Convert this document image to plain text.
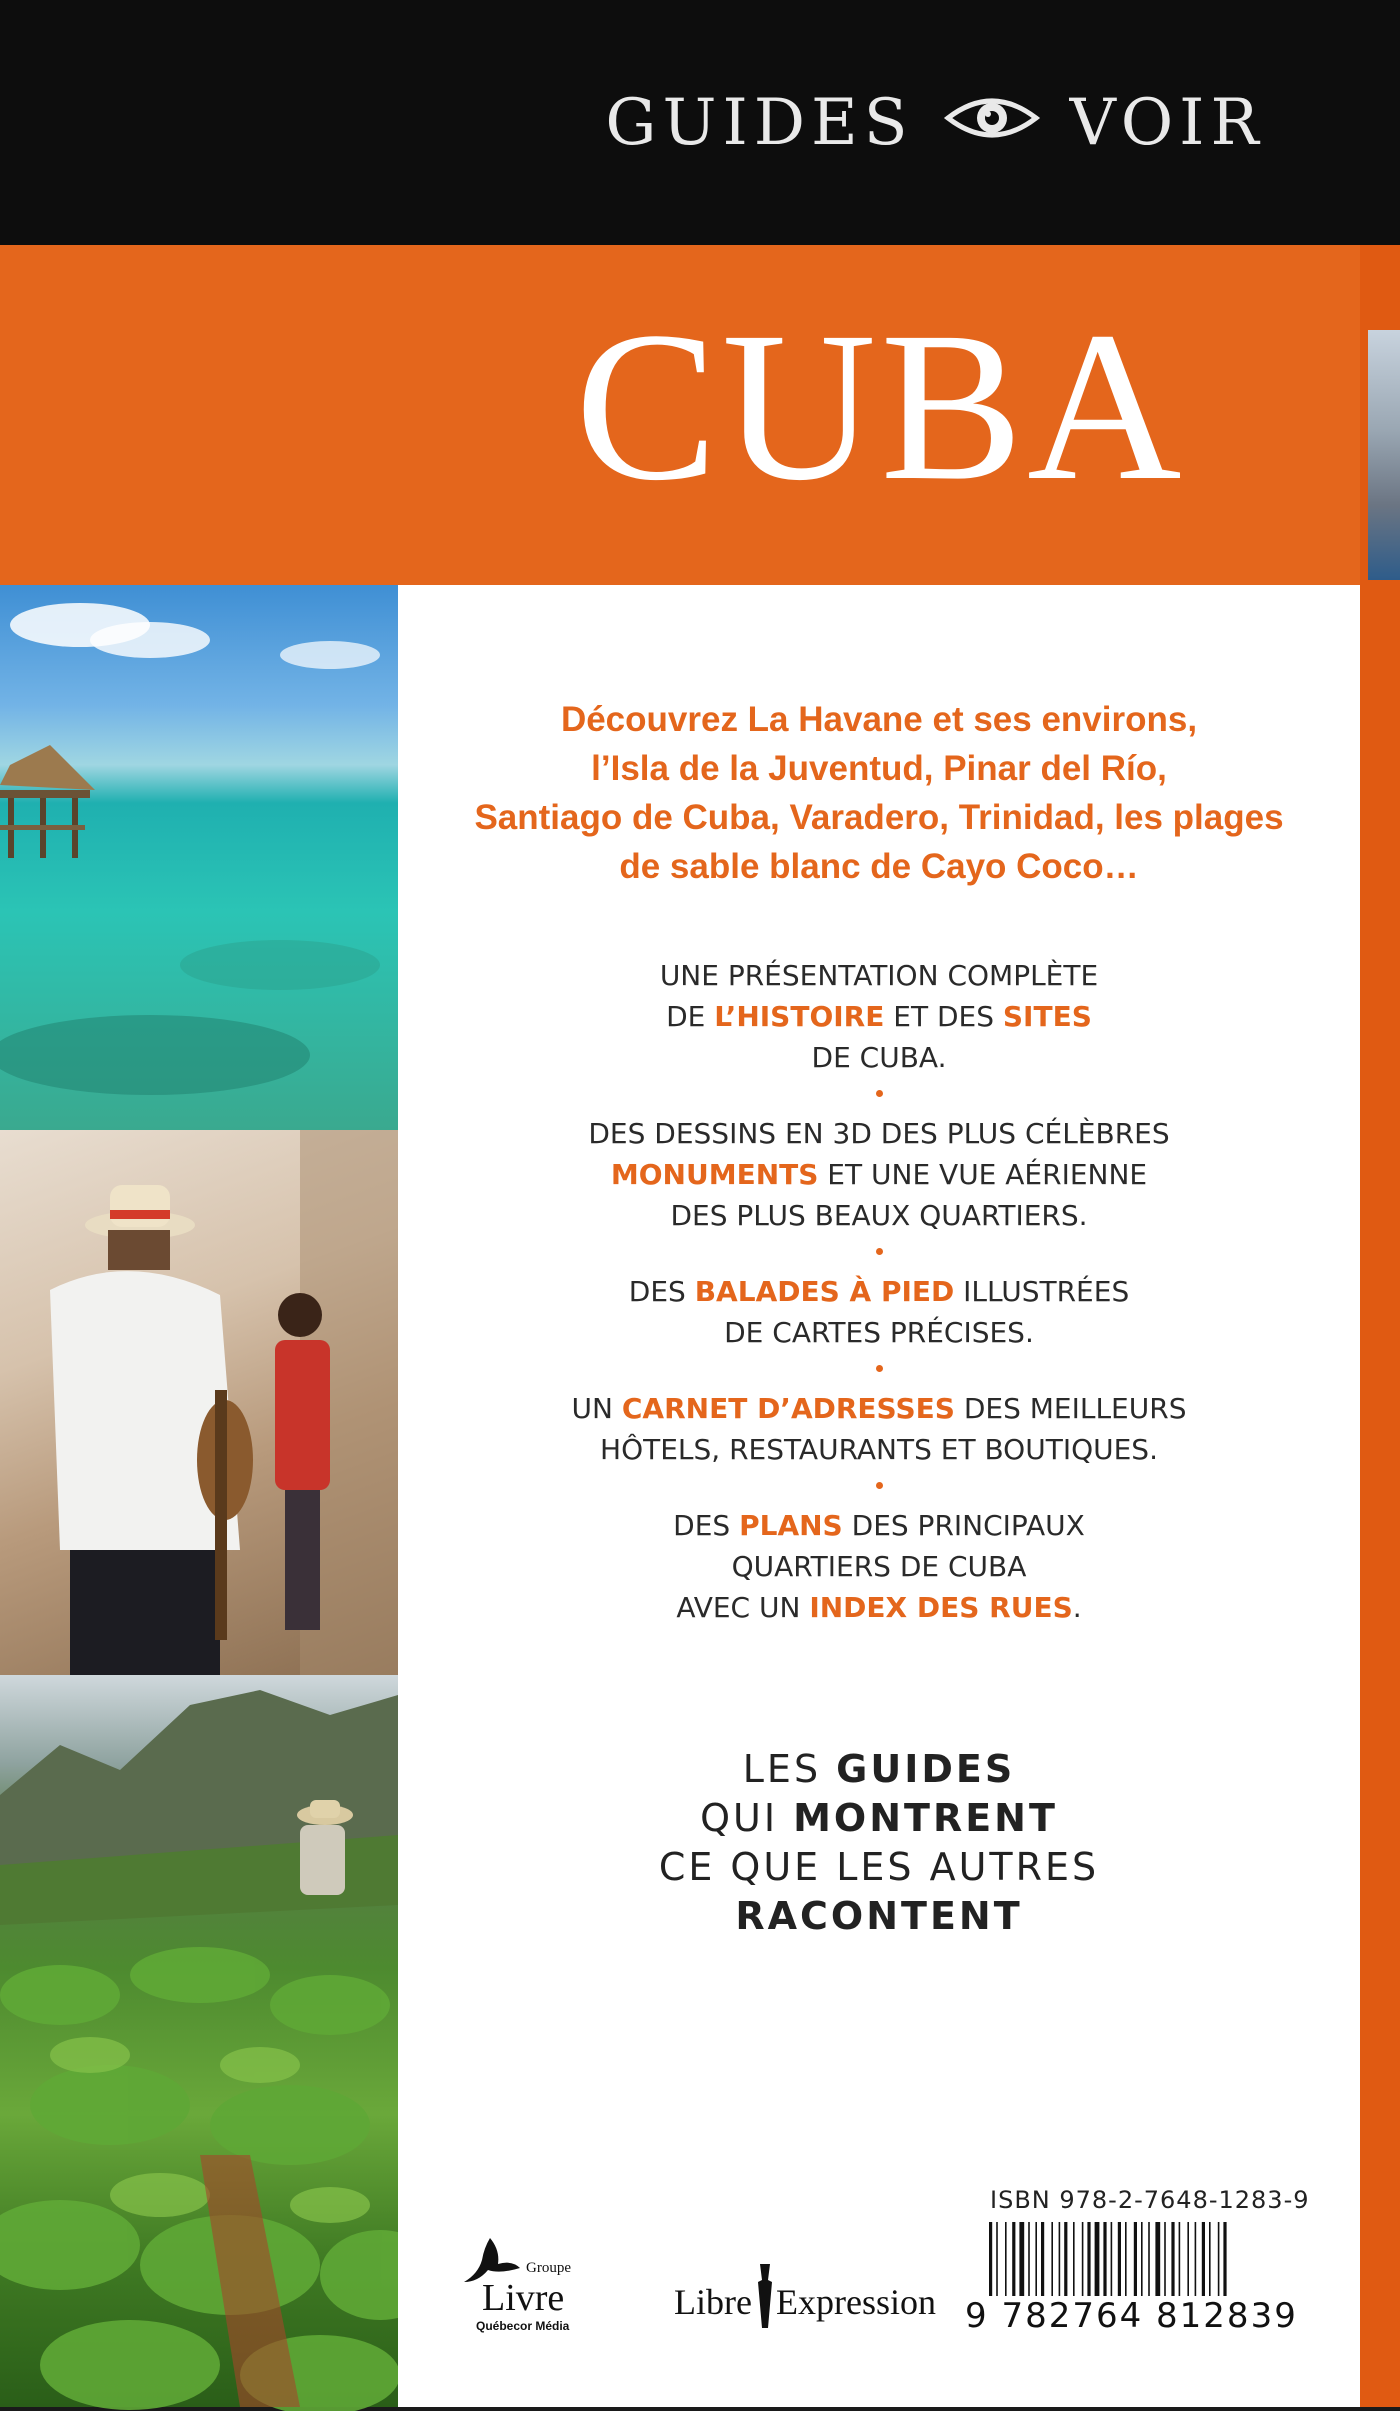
GUIDES VOIR
CUBA
Découvrez La Havane et ses environs,
l’Isla de la Juventud, Pinar del Río,
Santiago de Cuba, Varadero, Trinidad, les plages
de sable blanc de Cayo Coco…
UNE PRÉSENTATION COMPLÈTE
DE L’HISTOIRE ET DES SITES
DE CUBA.
DES DESSINS EN 3D DES PLUS CÉLÈBRES
MONUMENTS ET UNE VUE AÉRIENNE
DES PLUS BEAUX QUARTIERS.
DES BALADES À PIED ILLUSTRÉES
DE CARTES PRÉCISES.
UN CARNET D’ADRESSES DES MEILLEURS
HÔTELS, RESTAURANTS ET BOUTIQUES.
DES PLANS DES PRINCIPAUX
QUARTIERS DE CUBA
AVEC UN INDEX DES RUES.
LES GUIDES
QUI MONTRENT
CE QUE LES AUTRES
RACONTENT
Groupe
Livre
Québecor Média
Libre Expression
ISBN 978-2-7648-1283-9
9 782764 812839
